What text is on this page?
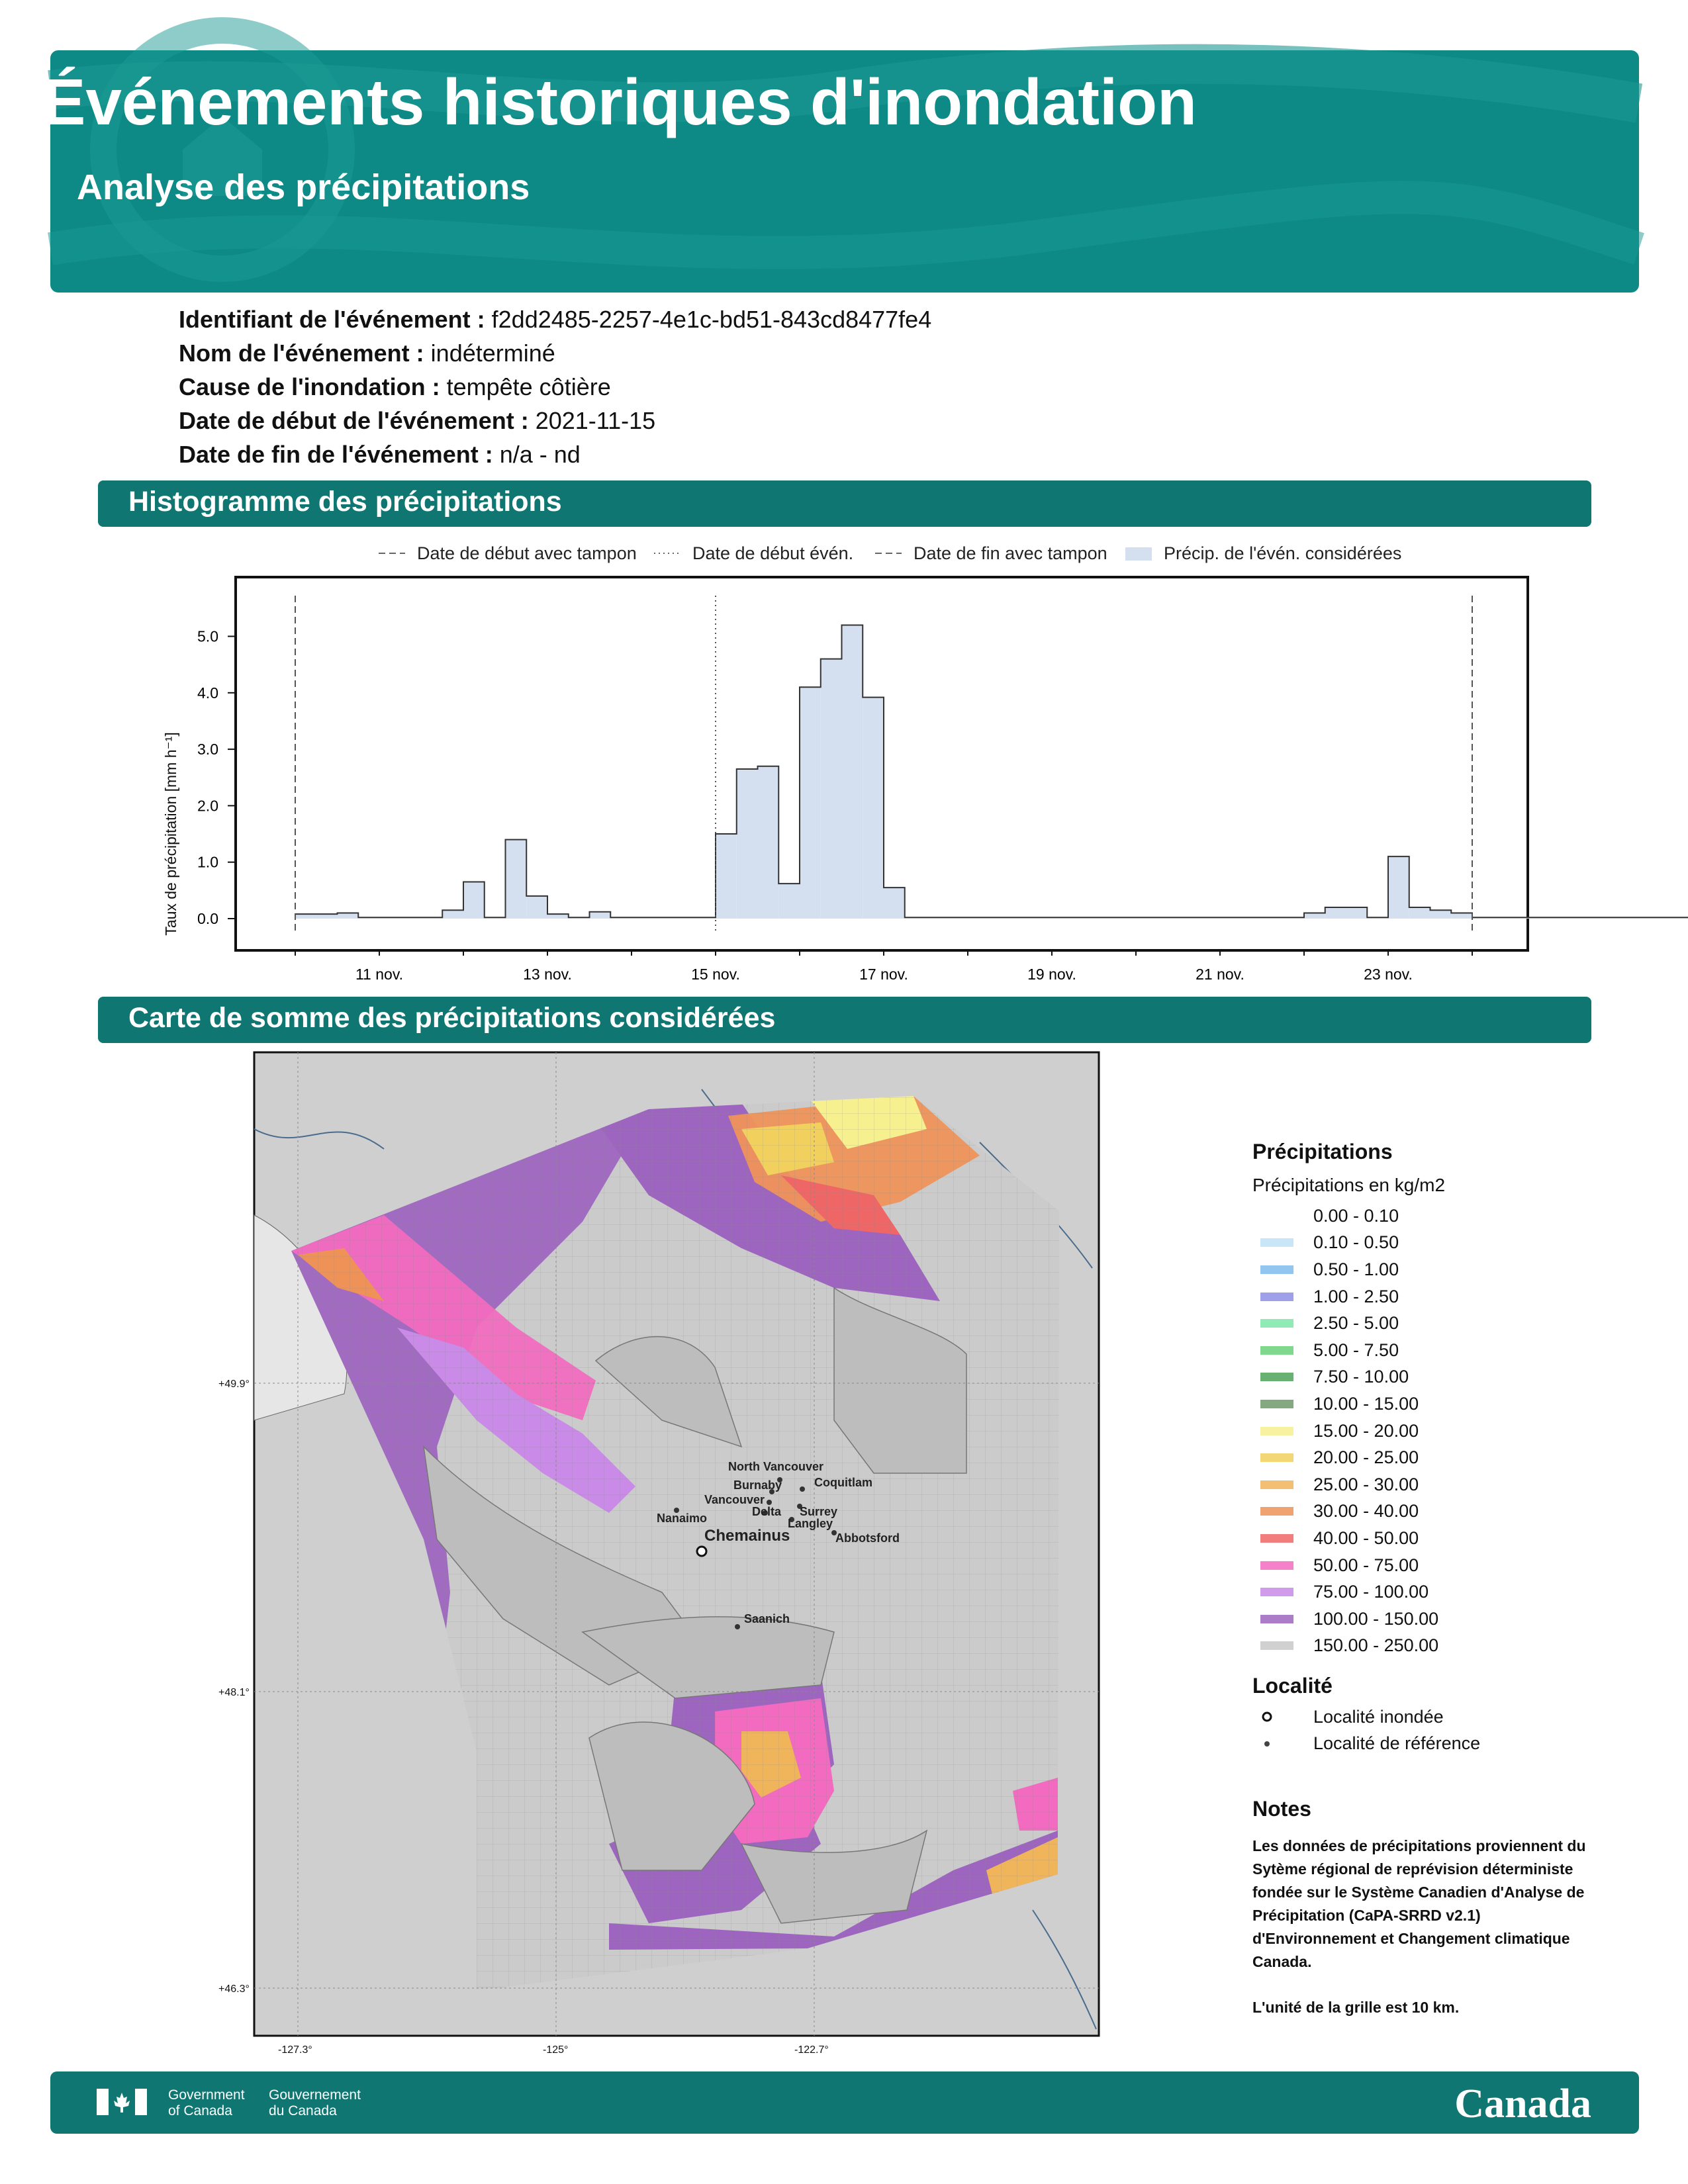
Événements historiques d'inondation
Analyse des précipitations
Identifiant de l'événement : f2dd2485-2257-4e1c-bd51-843cd8477fe4
Nom de l'événement : indéterminé
Cause de l'inondation : tempête côtière
Date de début de l'événement : 2021-11-15
Date de fin de l'événement : n/a - nd
Histogramme des précipitations
Date de début avec tampon	Date de début évén.	Date de fin avec tampon	Précip. de l'évén. considérées
0.0
1.0
2.0
3.0
4.0
5.0
11 nov.	13 nov.	15 nov.	17 nov.	19 nov.	21 nov.	23 nov.
Taux de précipitation [mm h⁻¹]
Carte de somme des précipitations considérées
+49.9°
+48.1°
+46.3°
-127.3°	-125°	-122.7°
North Vancouver
Burnaby	Coquitlam
Vancouver
Delta Surrey
Langley
Nanaimo
Chemainus	Abbotsford
Saanich
Précipitations
Précipitations en kg/m2
0.00 - 0.10
0.10 - 0.50
0.50 - 1.00
1.00 - 2.50
2.50 - 5.00
5.00 - 7.50
7.50 - 10.00
10.00 - 15.00
15.00 - 20.00
20.00 - 25.00
25.00 - 30.00
30.00 - 40.00
40.00 - 50.00
50.00 - 75.00
75.00 - 100.00
100.00 - 150.00
150.00 - 250.00
Localité
Localité inondée
Localité de référence
Notes
Les données de précipitations proviennent du Sytème régional de reprévision déterministe fondée sur le Système Canadien d'Analyse de Précipitation (CaPA-SRRD v2.1) d'Environnement et Changement climatique Canada.
L'unité de la grille est 10 km.
Government
of Canada
Gouvernement
du Canada	Canada
